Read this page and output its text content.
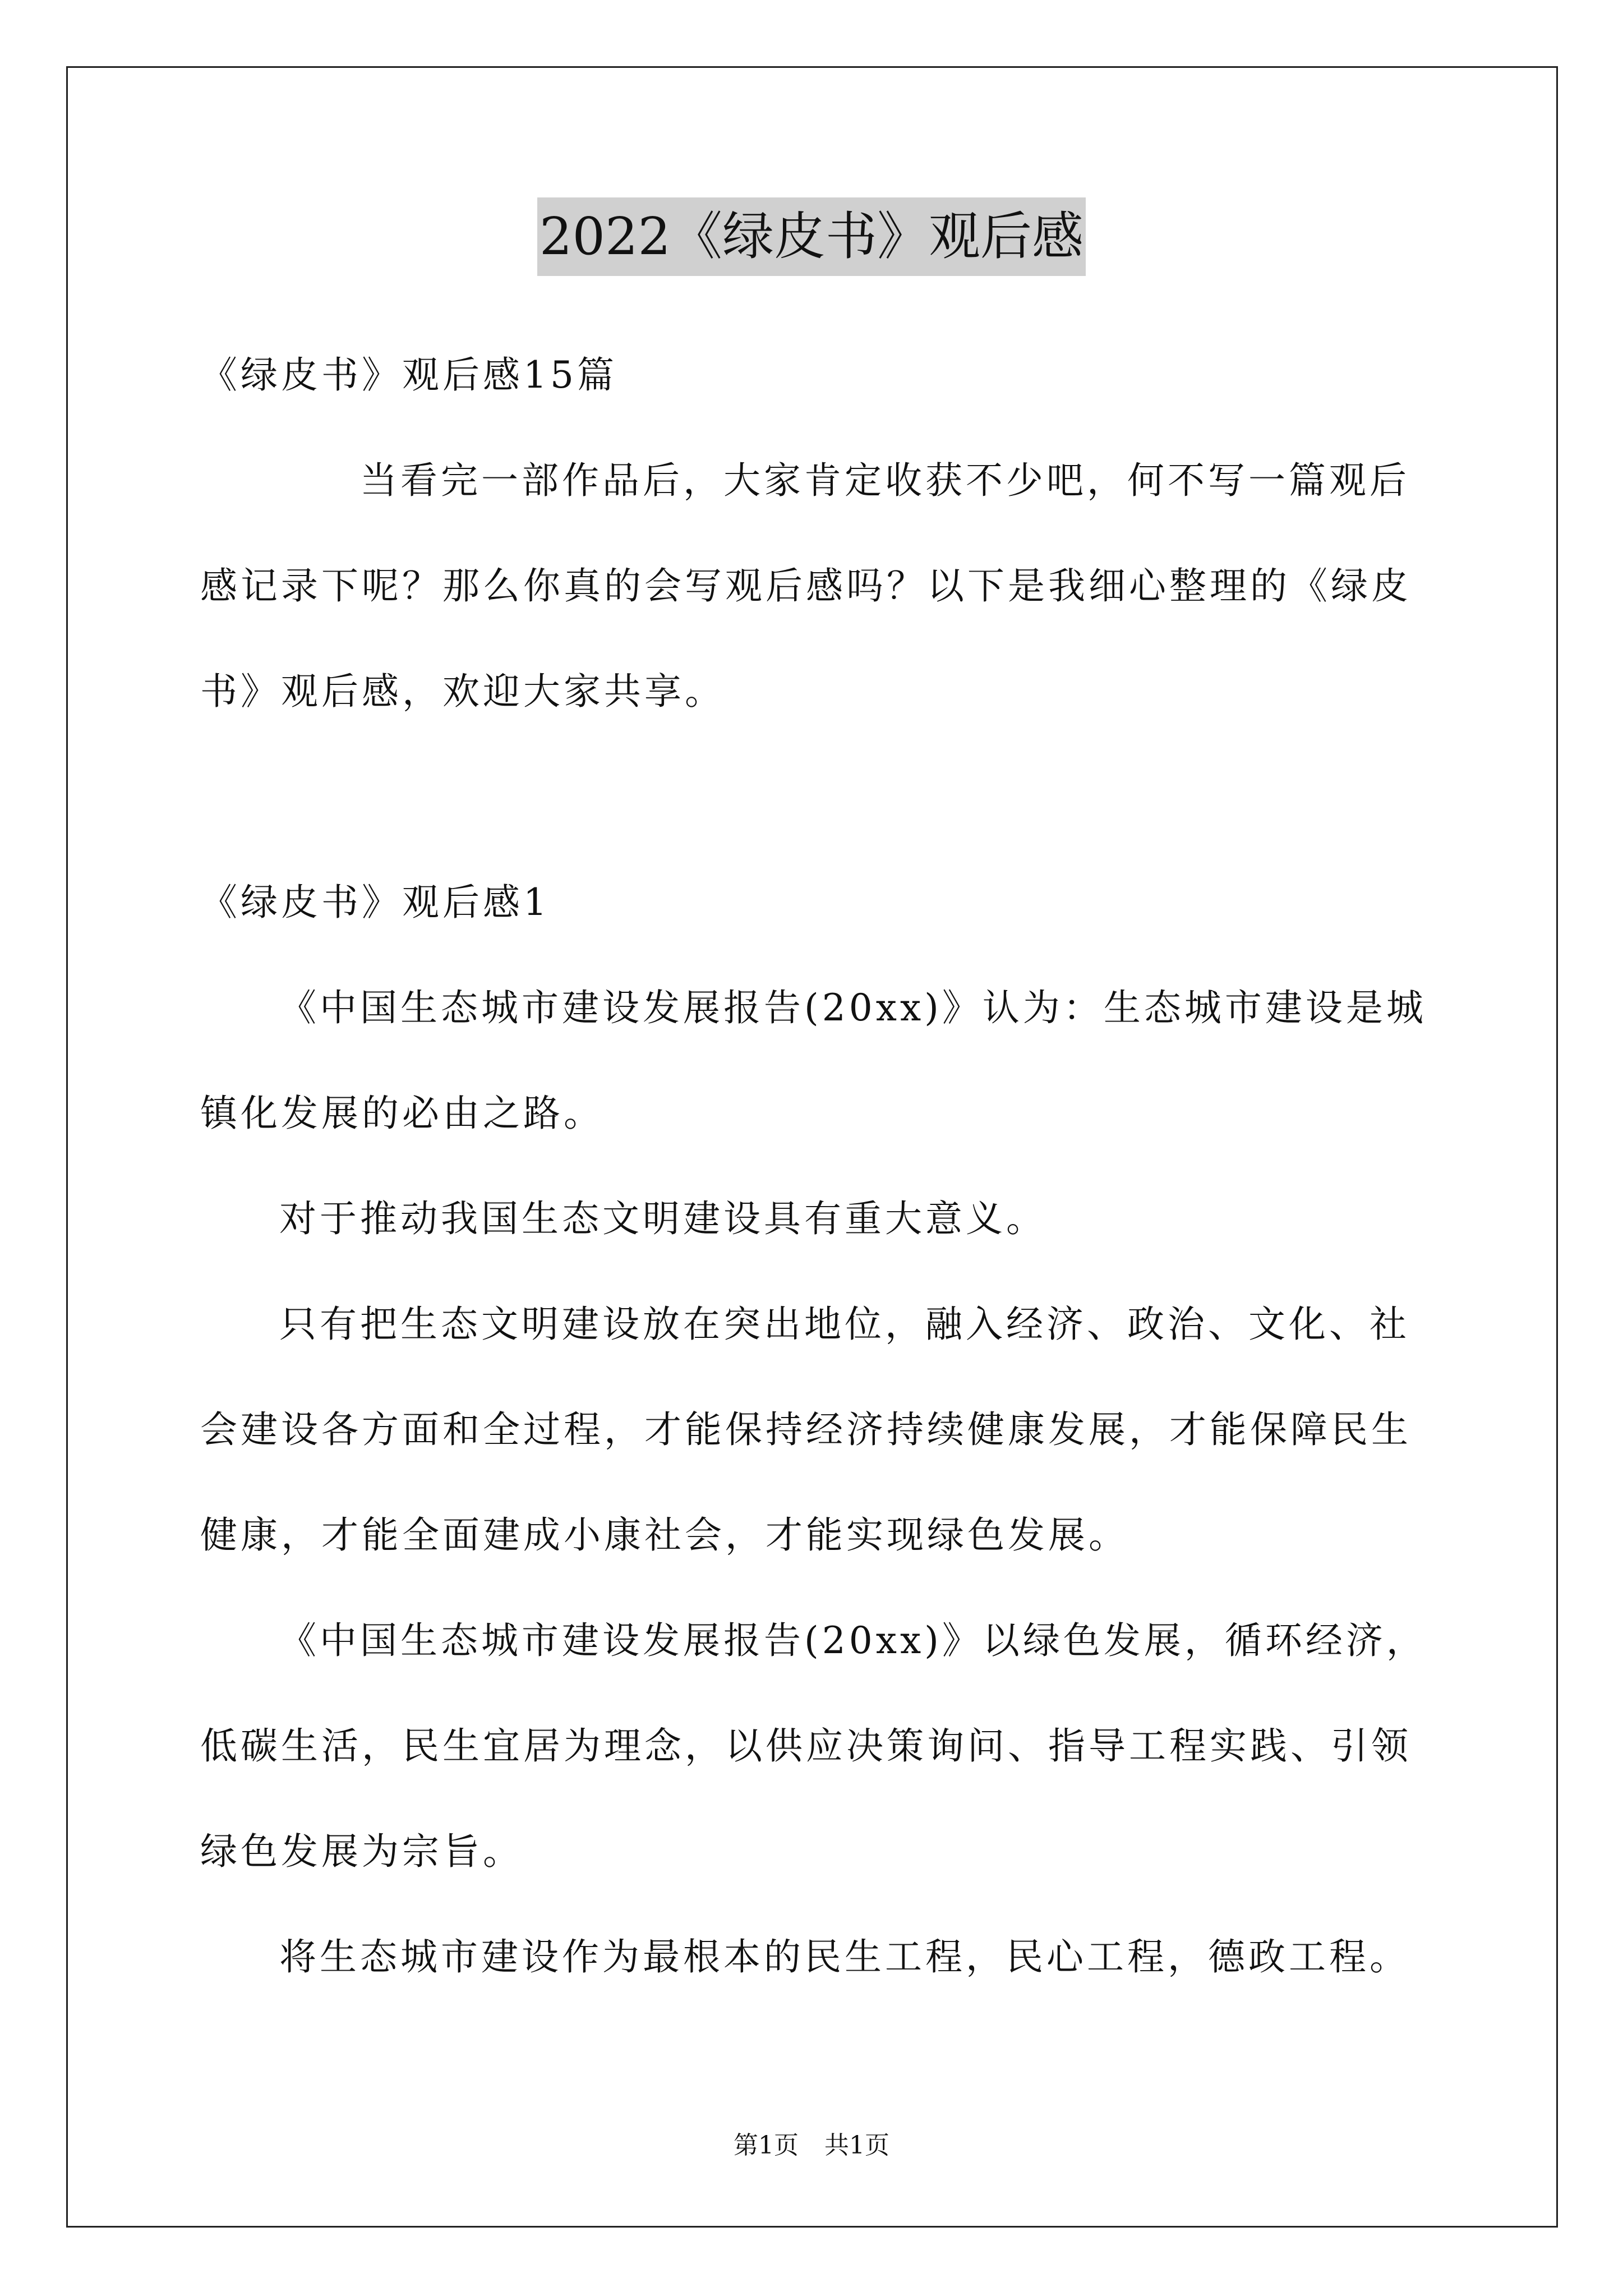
2022《绿皮书》观后感

《绿皮书》观后感15篇

当看完一部作品后，大家肯定收获不少吧，何不写一篇观后感记录下呢？那么你真的会写观后感吗？以下是我细心整理的《绿皮书》观后感，欢迎大家共享。

《绿皮书》观后感1

《中国生态城市建设发展报告(20xx)》认为：生态城市建设是城镇化发展的必由之路。

对于推动我国生态文明建设具有重大意义。

只有把生态文明建设放在突出地位，融入经济、政治、文化、社会建设各方面和全过程，才能保持经济持续健康发展，才能保障民生健康，才能全面建成小康社会，才能实现绿色发展。

《中国生态城市建设发展报告(20xx)》以绿色发展，循环经济，低碳生活，民生宜居为理念，以供应决策询问、指导工程实践、引领绿色发展为宗旨。

将生态城市建设作为最根本的民生工程，民心工程，德政工程。

第1页 共1页
